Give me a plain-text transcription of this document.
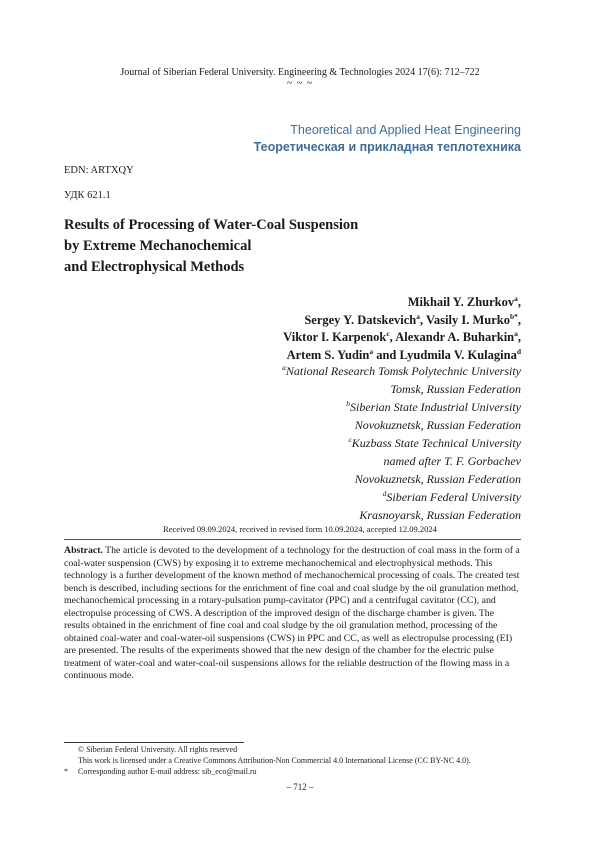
Journal of Siberian Federal University. Engineering & Technologies 2024 17(6): 712–722
~ ~ ~
Theoretical and Applied Heat Engineering
Теоретическая и прикладная теплотехника
EDN: ARTXQY
УДК 621.1
Results of Processing of Water-Coal Suspension
by Extreme Mechanochemical
and Electrophysical Methods
Mikhail Y. Zhurkov$^a$,
Sergey Y. Datskevich$^a$, Vasily I. Murko$^{b*}$,
Viktor I. Karpenok$^c$, Alexandr A. Buharkin$^a$,
Artem S. Yudin$^a$ and Lyudmila V. Kulagina$^d$
$^a$National Research Tomsk Polytechnic University
Tomsk, Russian Federation
$^b$Siberian State Industrial University
Novokuznetsk, Russian Federation
$^c$Kuzbass State Technical University
named after T. F. Gorbachev
Novokuznetsk, Russian Federation
$^d$Siberian Federal University
Krasnoyarsk, Russian Federation
Received 09.09.2024, received in revised form 10.09.2024, accepted 12.09.2024
Abstract. The article is devoted to the development of a technology for the destruction of coal mass in the form of a coal-water suspension (CWS) by exposing it to extreme mechanochemical and electrophysical methods. This technology is a further development of the known method of mechanochemical processing of coals. The created test bench is described, including sections for the enrichment of fine coal and coal sludge by the oil granulation method, mechanochemical processing in a rotary-pulsation pump-cavitator (PPC) and a centrifugal cavitator (CC), and electropulse processing of CWS. A description of the improved design of the discharge chamber is given. The results obtained in the enrichment of fine coal and coal sludge by the oil granulation method, processing of the obtained coal-water and coal-water-oil suspensions (CWS) in PPC and CC, as well as electropulse processing (EI) are presented. The results of the experiments showed that the new design of the chamber for the electric pulse treatment of water-coal and water-coal-oil suspensions allows for the reliable destruction of the flowing mass in a continuous mode.
© Siberian Federal University. All rights reserved
This work is licensed under a Creative Commons Attribution-Non Commercial 4.0 International License (CC BY-NC 4.0).
* Corresponding author E-mail address: sib_eco@mail.ru
– 712 –
